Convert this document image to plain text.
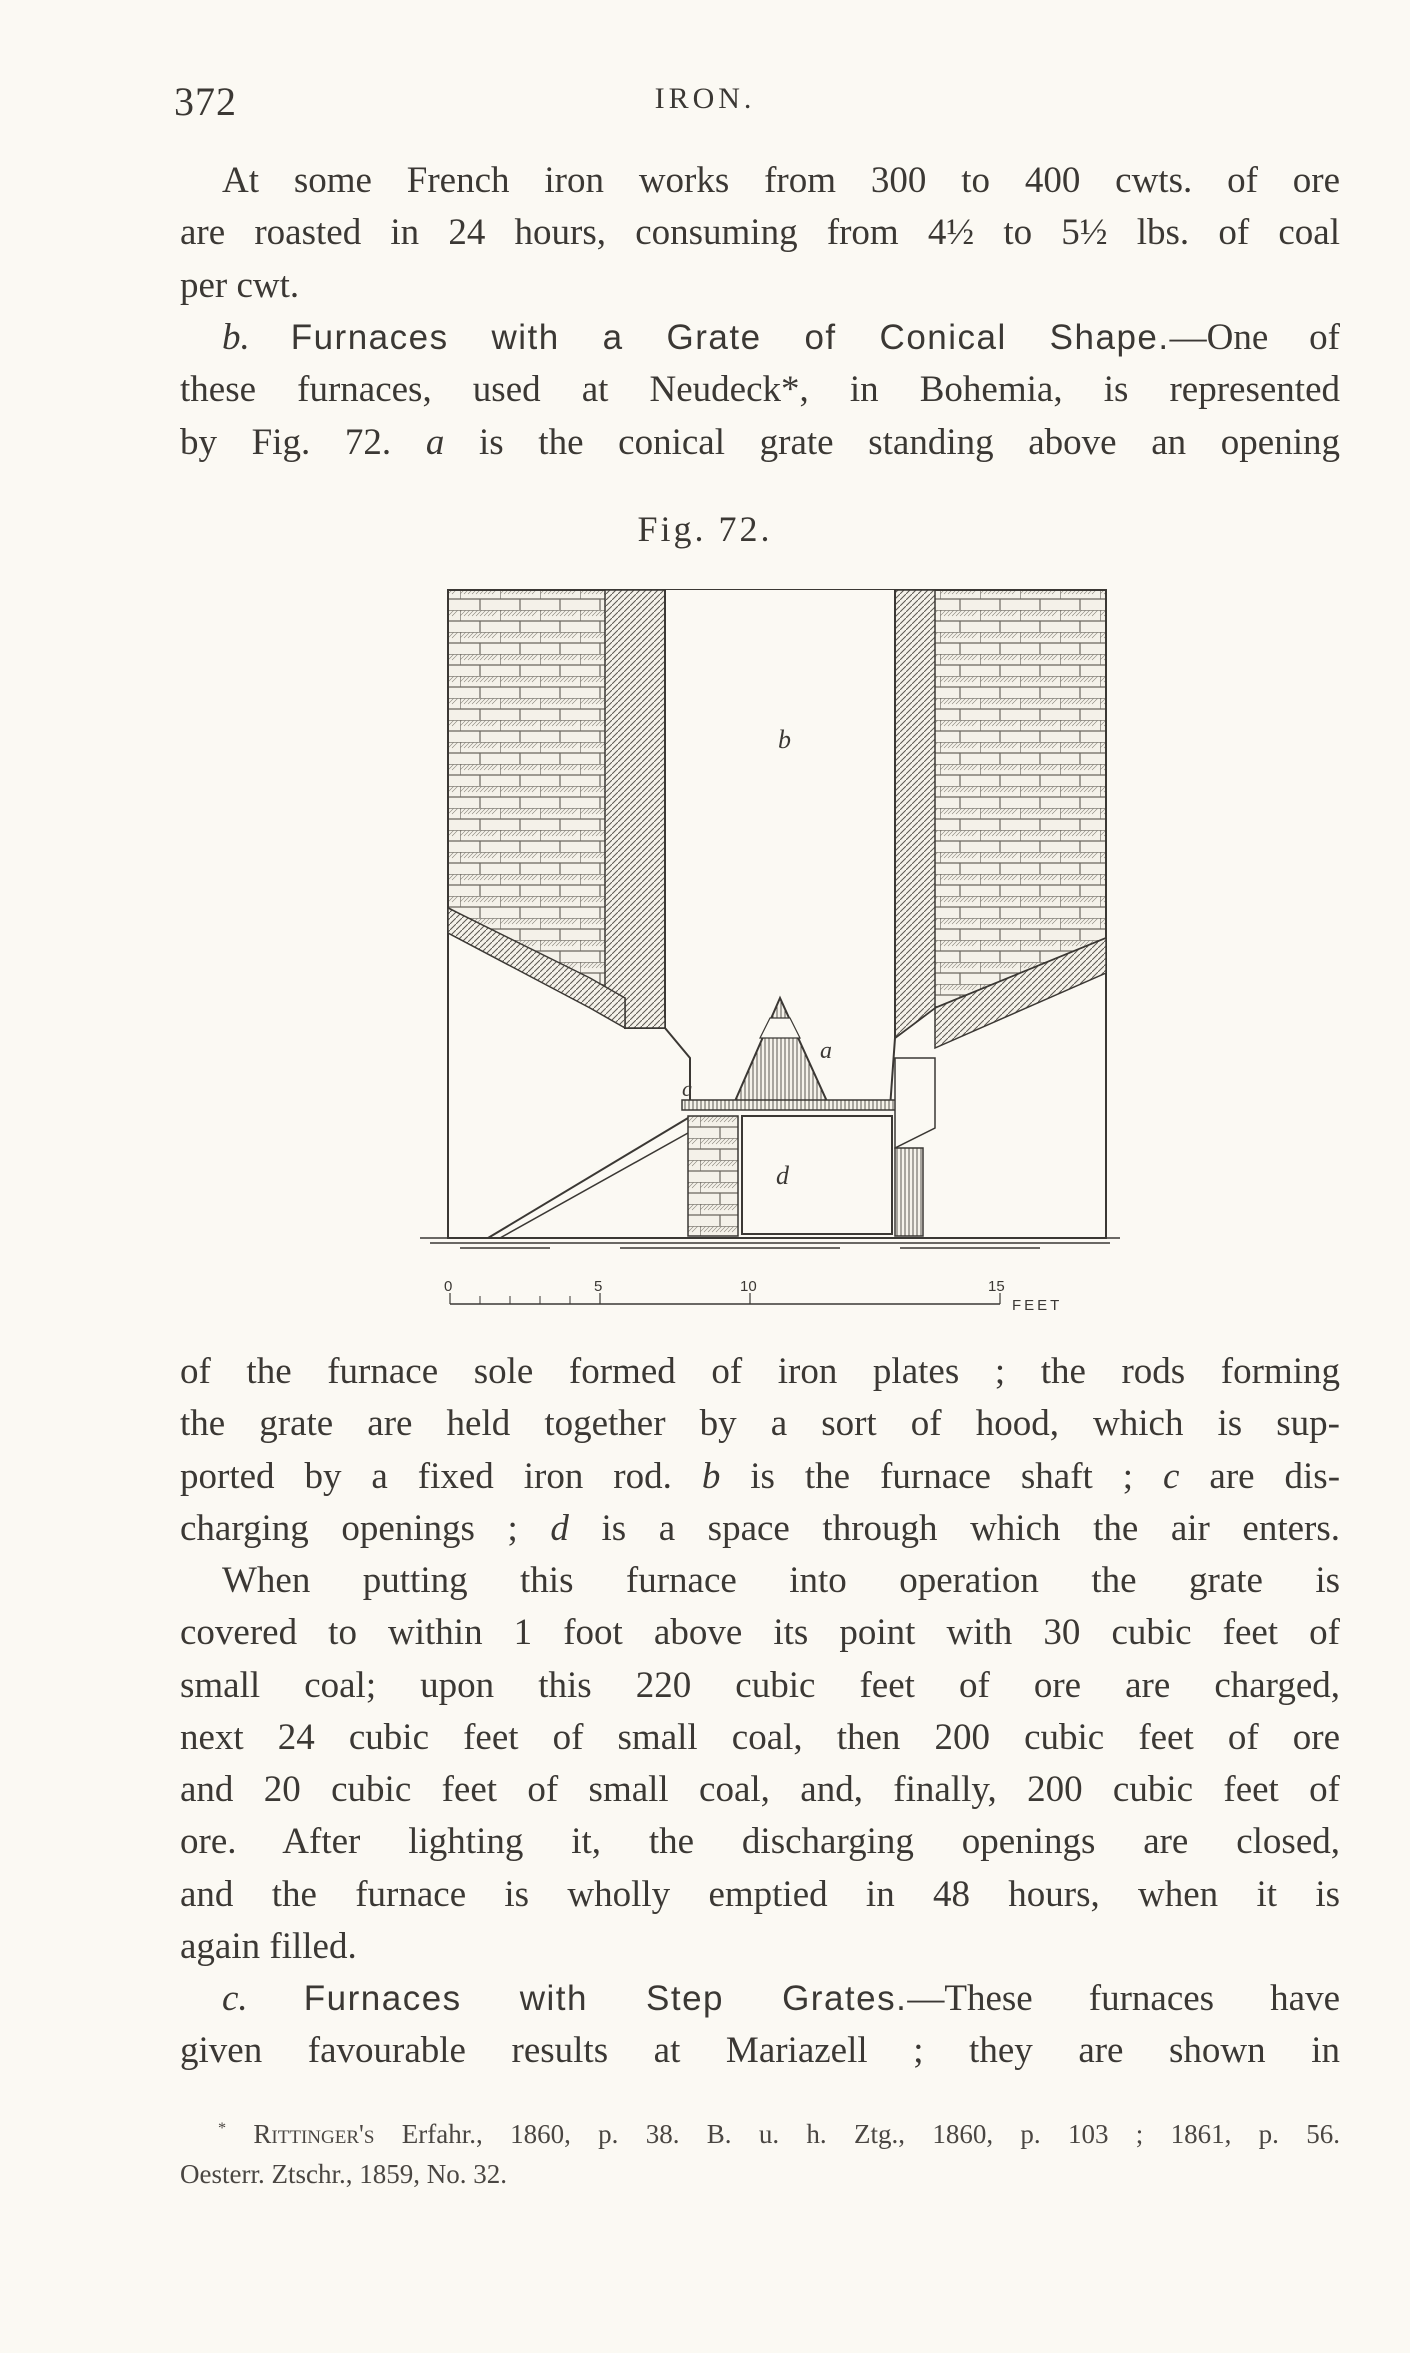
372	IRON.
At some French iron works from 300 to 400 cwts. of ore
are roasted in 24 hours, consuming from 4½ to 5½ lbs. of coal
per cwt.
b. Furnaces with a Grate of Conical Shape.—One of
these furnaces, used at Neudeck*, in Bohemia, is represented
by Fig. 72. a is the conical grate standing above an opening
Fig. 72.
b
a
c
d
0	5	10	15
FEET
of the furnace sole formed of iron plates ; the rods forming
the grate are held together by a sort of hood, which is sup-
ported by a fixed iron rod. b is the furnace shaft ; c are dis-
charging openings ; d is a space through which the air enters.
When putting this furnace into operation the grate is
covered to within 1 foot above its point with 30 cubic feet of
small coal; upon this 220 cubic feet of ore are charged,
next 24 cubic feet of small coal, then 200 cubic feet of ore
and 20 cubic feet of small coal, and, finally, 200 cubic feet of
ore. After lighting it, the discharging openings are closed,
and the furnace is wholly emptied in 48 hours, when it is
again filled.
c. Furnaces with Step Grates.—These furnaces have
given favourable results at Mariazell ; they are shown in
* Rittinger's Erfahr., 1860, p. 38. B. u. h. Ztg., 1860, p. 103 ; 1861, p. 56.
Oesterr. Ztschr., 1859, No. 32.
